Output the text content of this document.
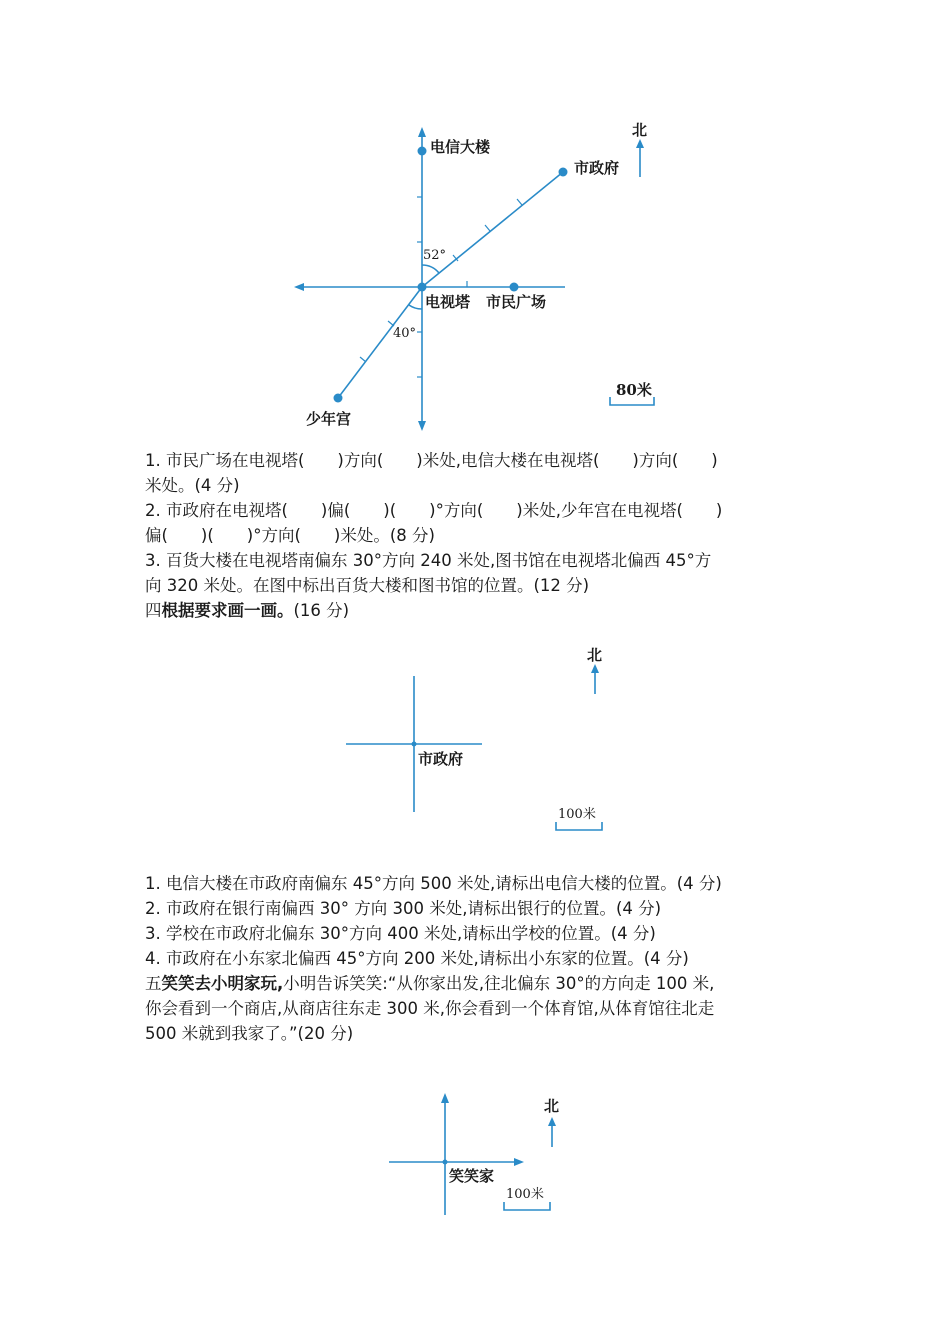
北
80米
电信大楼
市政府
电视塔 市民广场
少年宫
52°
40°

1. 市民广场在电视塔(　　)方向(　　)米处,电信大楼在电视塔(　　)方向(　　)

米处。(4 分)

2. 市政府在电视塔(　　)偏(　　)(　　)°方向(　　)米处,少年宫在电视塔(　　)

偏(　　)(　　)°方向(　　)米处。(8 分)

3. 百货大楼在电视塔南偏东 30°方向 240 米处,图书馆在电视塔北偏西 45°方

向 320 米处。在图中标出百货大楼和图书馆的位置。(12 分)

四根据要求画一画。(16 分)

市政府
北
100米

1. 电信大楼在市政府南偏东 45°方向 500 米处,请标出电信大楼的位置。(4 分)

2. 市政府在银行南偏西 30° 方向 300 米处,请标出银行的位置。(4 分)

3. 学校在市政府北偏东 30°方向 400 米处,请标出学校的位置。(4 分)

4. 市政府在小东家北偏西 45°方向 200 米处,请标出小东家的位置。(4 分)

五笑笑去小明家玩,小明告诉笑笑:“从你家出发,往北偏东 30°的方向走 100 米,

你会看到一个商店,从商店往东走 300 米,你会看到一个体育馆,从体育馆往北走

500 米就到我家了。”(20 分)

笑笑家
北
100米
